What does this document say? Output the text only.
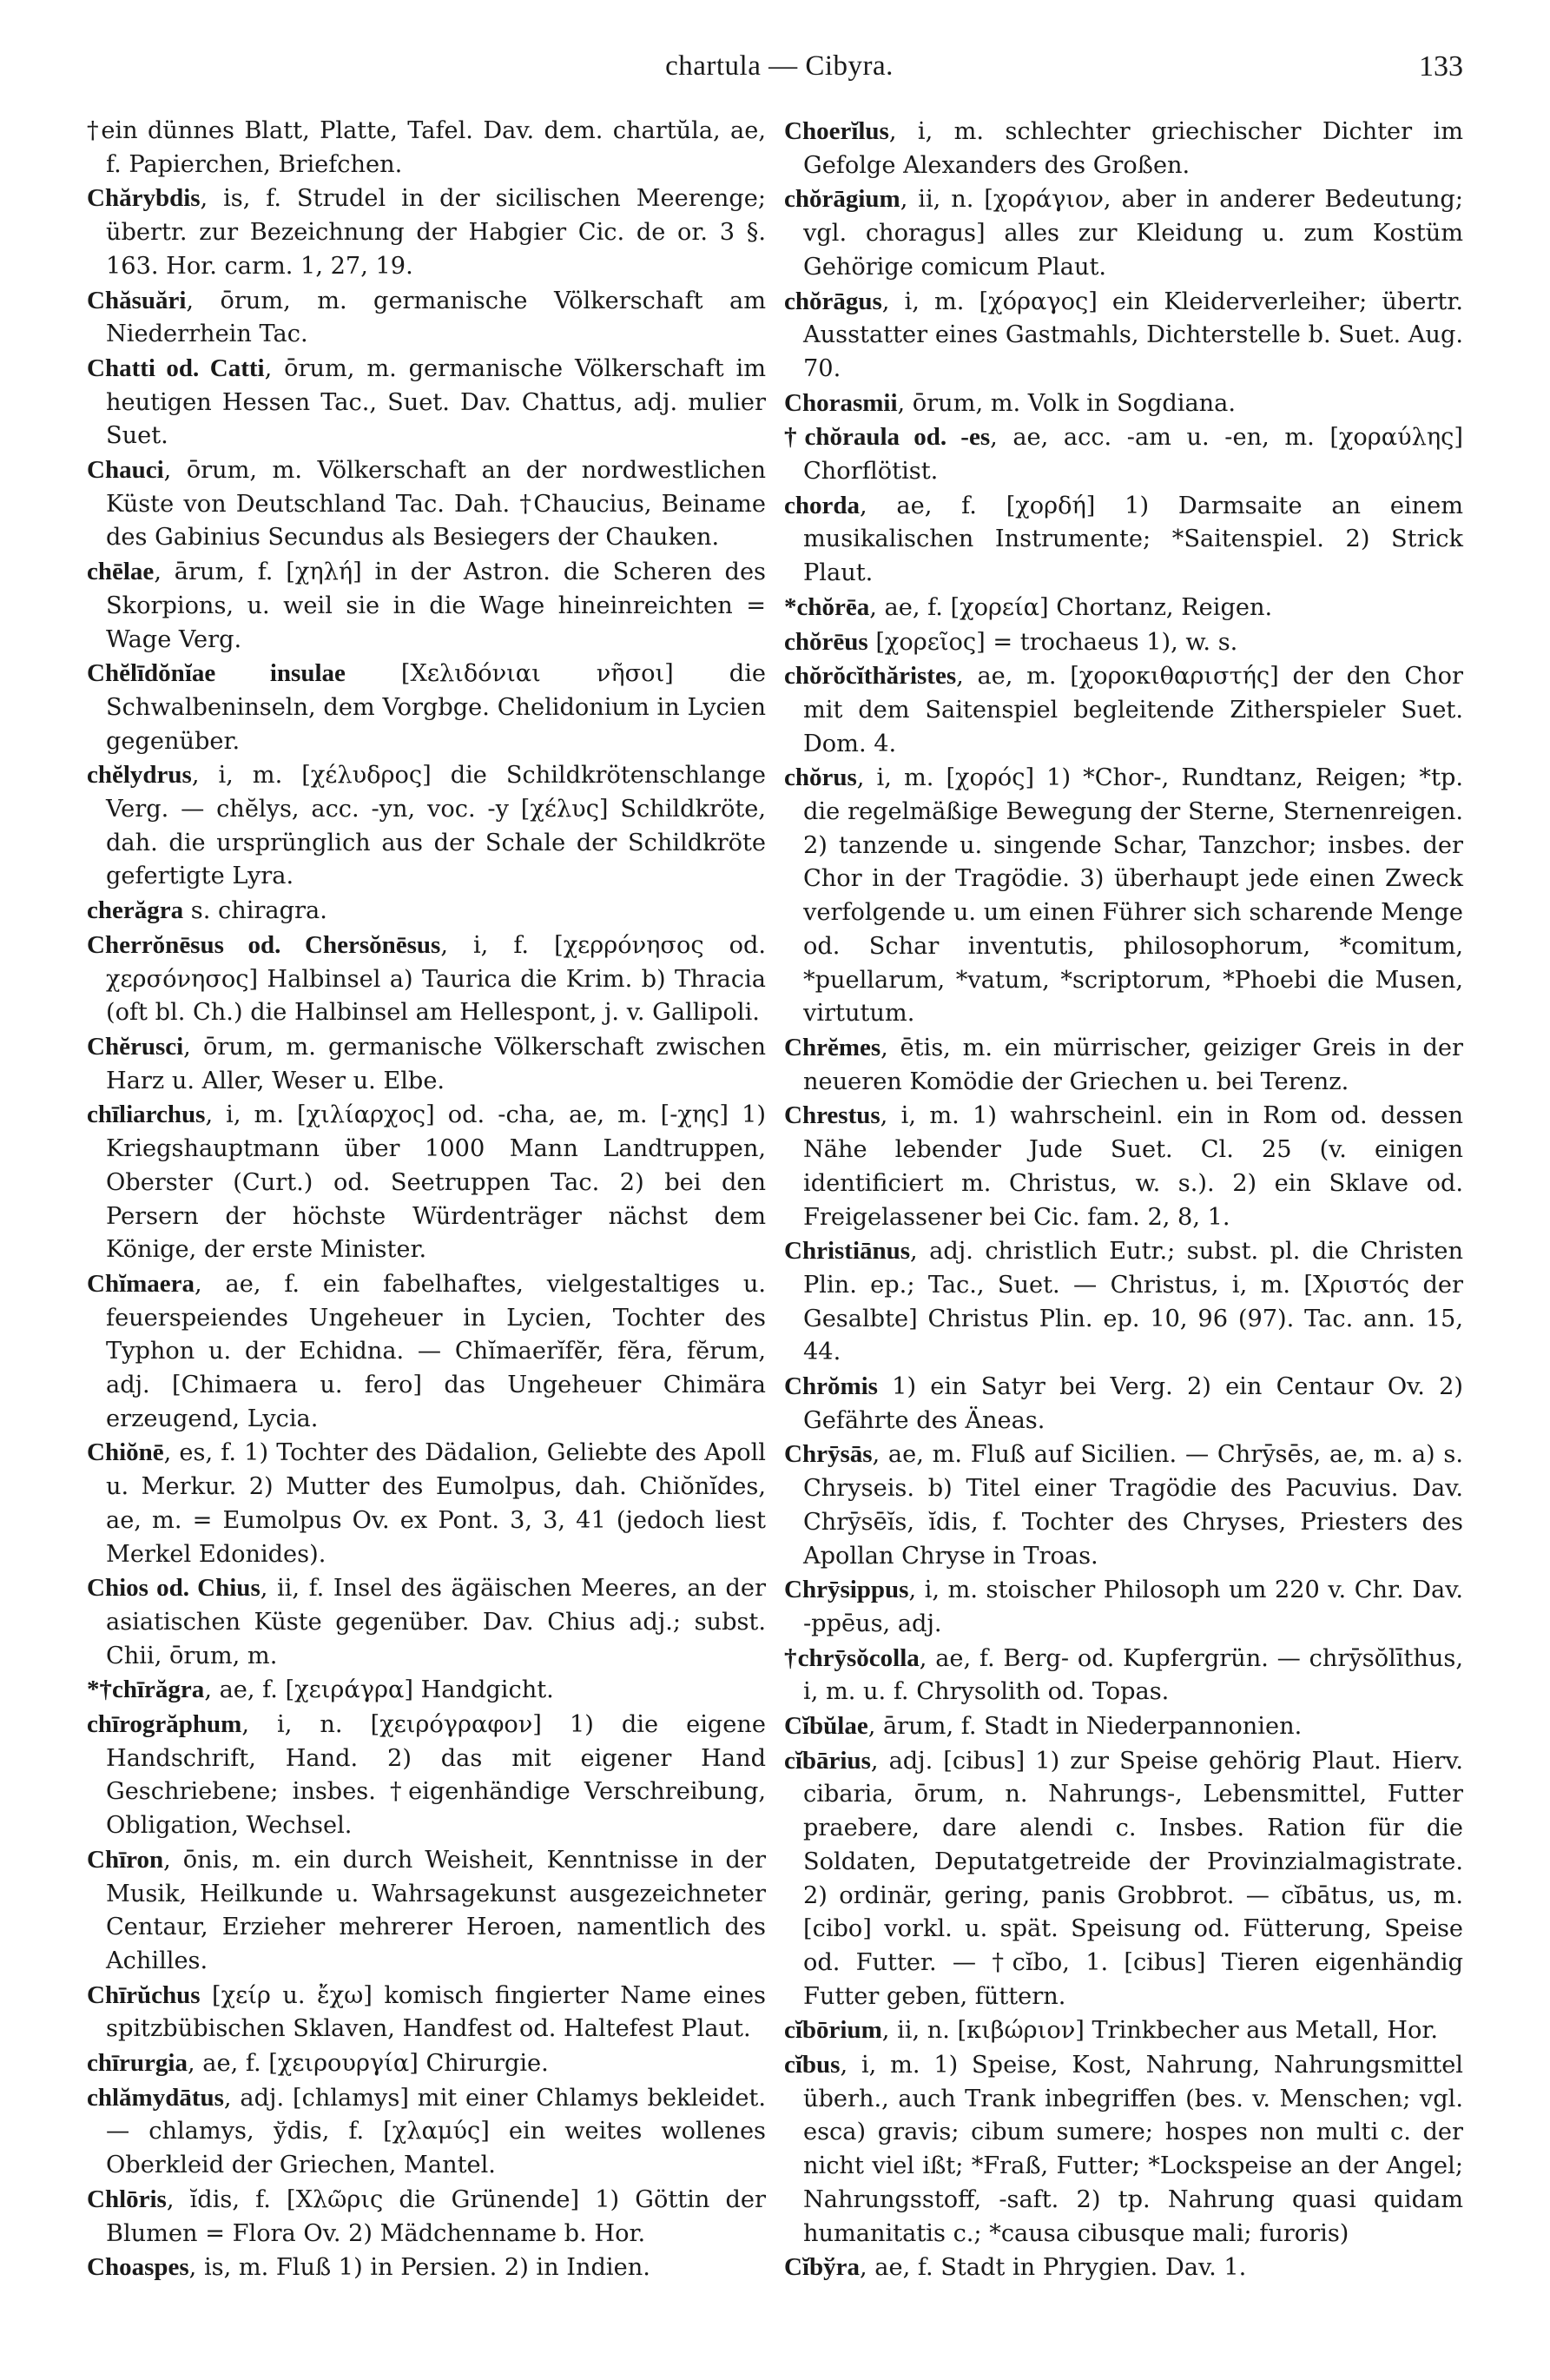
chartula — Cibyra.	133

†ein dünnes Blatt, Platte, Tafel. Dav. dem. chartŭla, ae, f. Papierchen, Briefchen.

Chărybdis, is, f. Strudel in der sicilischen Meerenge; übertr. zur Bezeichnung der Habgier Cic. de or. 3 §. 163. Hor. carm. 1, 27, 19.

Chăsuări, ōrum, m. germanische Völkerschaft am Niederrhein Tac.

Chatti od. Catti, ōrum, m. germanische Völkerschaft im heutigen Hessen Tac., Suet. Dav. Chattus, adj. mulier Suet.

Chauci, ōrum, m. Völkerschaft an der nordwestlichen Küste von Deutschland Tac. Dah. †Chaucius, Beiname des Gabinius Secundus als Besiegers der Chauken.

chēlae, ārum, f. [χηλή] in der Astron. die Scheren des Skorpions, u. weil sie in die Wage hineinreichten = Wage Verg.

Chĕlīdŏnĭae insulae [Χελιδόνιαι νῆσοι] die Schwalbeninseln, dem Vorgbge. Chelidonium in Lycien gegenüber.

chĕlydrus, i, m. [χέλυδρος] die Schildkrötenschlange Verg. — chĕlys, acc. -yn, voc. -y [χέλυς] Schildkröte, dah. die ursprünglich aus der Schale der Schildkröte gefertigte Lyra.

cherăgra s. chiragra.

Cherrŏnēsus od. Chersŏnēsus, i, f. [χερρόνησος od. χερσόνησος] Halbinsel a) Taurica die Krim. b) Thracia (oft bl. Ch.) die Halbinsel am Hellespont, j. v. Gallipoli.

Chĕrusci, ōrum, m. germanische Völkerschaft zwischen Harz u. Aller, Weser u. Elbe.

chīliarchus, i, m. [χιλίαρχος] od. -cha, ae, m. [-χης] 1) Kriegshauptmann über 1000 Mann Landtruppen, Oberster (Curt.) od. Seetruppen Tac. 2) bei den Persern der höchste Würdenträger nächst dem Könige, der erste Minister.

Chĭmaera, ae, f. ein fabelhaftes, vielgestaltiges u. feuerspeiendes Ungeheuer in Lycien, Tochter des Typhon u. der Echidna. — Chĭmaerĭfĕr, fĕra, fĕrum, adj. [Chimaera u. fero] das Ungeheuer Chimära erzeugend, Lycia.

Chiŏnē, es, f. 1) Tochter des Dädalion, Geliebte des Apoll u. Merkur. 2) Mutter des Eumolpus, dah. Chiŏnĭdes, ae, m. = Eumolpus Ov. ex Pont. 3, 3, 41 (jedoch liest Merkel Edonides).

Chios od. Chius, ii, f. Insel des ägäischen Meeres, an der asiatischen Küste gegenüber. Dav. Chius adj.; subst. Chii, ōrum, m.

*†chīrăgra, ae, f. [χειράγρα] Handgicht.

chīrogrăphum, i, n. [χειρόγραφον] 1) die eigene Handschrift, Hand. 2) das mit eigener Hand Geschriebene; insbes. †eigenhändige Verschreibung, Obligation, Wechsel.

Chīron, ōnis, m. ein durch Weisheit, Kenntnisse in der Musik, Heilkunde u. Wahrsagekunst ausgezeichneter Centaur, Erzieher mehrerer Heroen, namentlich des Achilles.

Chīrŭchus [χείρ u. ἔχω] komisch fingierter Name eines spitzbübischen Sklaven, Handfest od. Haltefest Plaut.

chīrurgia, ae, f. [χειρουργία] Chirurgie.

chlămydātus, adj. [chlamys] mit einer Chlamys bekleidet. — chlamys, ўdis, f. [χλαμύς] ein weites wollenes Oberkleid der Griechen, Mantel.

Chlōris, ĭdis, f. [Χλῶρις die Grünende] 1) Göttin der Blumen = Flora Ov. 2) Mädchenname b. Hor.

Choaspes, is, m. Fluß 1) in Persien. 2) in Indien.

Choerĭlus, i, m. schlechter griechischer Dichter im Gefolge Alexanders des Großen.

chŏrāgium, ii, n. [χοράγιον, aber in anderer Bedeutung; vgl. choragus] alles zur Kleidung u. zum Kostüm Gehörige comicum Plaut.

chŏrāgus, i, m. [χόραγος] ein Kleiderverleiher; übertr. Ausstatter eines Gastmahls, Dichterstelle b. Suet. Aug. 70.

Chorasmii, ōrum, m. Volk in Sogdiana.

†chŏraula od. -es, ae, acc. -am u. -en, m. [χοραύλης] Chorflötist.

chorda, ae, f. [χορδή] 1) Darmsaite an einem musikalischen Instrumente; *Saitenspiel. 2) Strick Plaut.

*chŏrēa, ae, f. [χορεία] Chortanz, Reigen.

chŏrēus [χορεῖος] = trochaeus 1), w. s.

chŏrŏcĭthăristes, ae, m. [χοροκιθαριστής] der den Chor mit dem Saitenspiel begleitende Zitherspieler Suet. Dom. 4.

chŏrus, i, m. [χορός] 1) *Chor-, Rundtanz, Reigen; *tp. die regelmäßige Bewegung der Sterne, Sternenreigen. 2) tanzende u. singende Schar, Tanzchor; insbes. der Chor in der Tragödie. 3) überhaupt jede einen Zweck verfolgende u. um einen Führer sich scharende Menge od. Schar inventutis, philosophorum, *comitum, *puellarum, *vatum, *scriptorum, *Phoebi die Musen, virtutum.

Chrĕmes, ētis, m. ein mürrischer, geiziger Greis in der neueren Komödie der Griechen u. bei Terenz.

Chrestus, i, m. 1) wahrscheinl. ein in Rom od. dessen Nähe lebender Jude Suet. Cl. 25 (v. einigen identificiert m. Christus, w. s.). 2) ein Sklave od. Freigelassener bei Cic. fam. 2, 8, 1.

Christiānus, adj. christlich Eutr.; subst. pl. die Christen Plin. ep.; Tac., Suet. — Christus, i, m. [Χριστός der Gesalbte] Christus Plin. ep. 10, 96 (97). Tac. ann. 15, 44.

Chrŏmis 1) ein Satyr bei Verg. 2) ein Centaur Ov. 2) Gefährte des Äneas.

Chrȳsās, ae, m. Fluß auf Sicilien. — Chrȳsēs, ae, m. a) s. Chryseis. b) Titel einer Tragödie des Pacuvius. Dav. Chrȳsēĭs, ĭdis, f. Tochter des Chryses, Priesters des Apollan Chryse in Troas.

Chrȳsippus, i, m. stoischer Philosoph um 220 v. Chr. Dav. -ppēus, adj.

†chrȳsŏcolla, ae, f. Berg- od. Kupfergrün. — chrȳsŏlīthus, i, m. u. f. Chrysolith od. Topas.

Cĭbŭlae, ārum, f. Stadt in Niederpannonien.

cĭbārius, adj. [cibus] 1) zur Speise gehörig Plaut. Hierv. cibaria, ōrum, n. Nahrungs-, Lebensmittel, Futter praebere, dare alendi c. Insbes. Ration für die Soldaten, Deputatgetreide der Provinzialmagistrate. 2) ordinär, gering, panis Grobbrot. — cĭbātus, us, m. [cibo] vorkl. u. spät. Speisung od. Fütterung, Speise od. Futter. — †cĭbo, 1. [cibus] Tieren eigenhändig Futter geben, füttern.

cĭbōrium, ii, n. [κιβώριον] Trinkbecher aus Metall, Hor.

cĭbus, i, m. 1) Speise, Kost, Nahrung, Nahrungsmittel überh., auch Trank inbegriffen (bes. v. Menschen; vgl. esca) gravis; cibum sumere; hospes non multi c. der nicht viel ißt; *Fraß, Futter; *Lockspeise an der Angel; Nahrungsstoff, -saft. 2) tp. Nahrung quasi quidam humanitatis c.; *causa cibusque mali; furoris)

Cĭbўra, ae, f. Stadt in Phrygien. Dav. 1.
